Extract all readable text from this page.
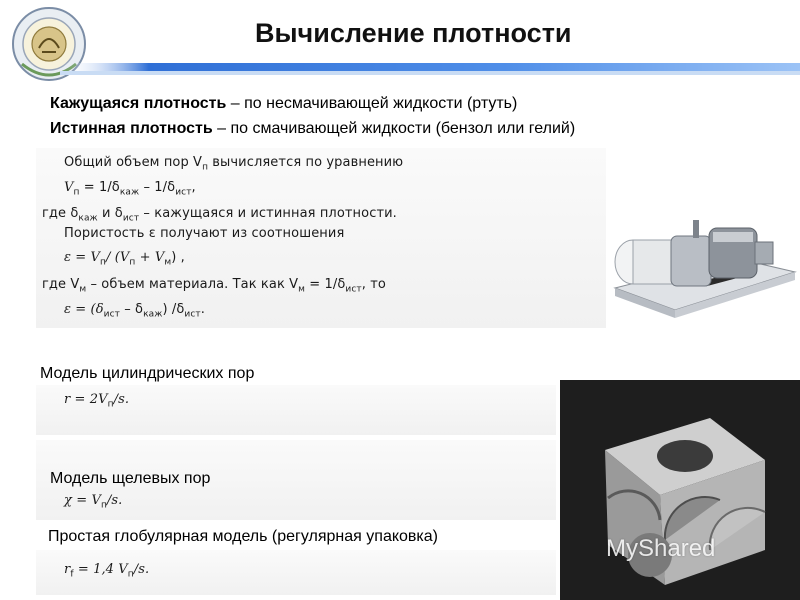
Вычисление плотности
Кажущаяся плотность – по несмачивающей жидкости (ртуть)
Истинная плотность – по смачивающей жидкости (бензол или гелий)
Общий объем пор $V_п$ вычисляется по уравнению
$V_п = 1/\delta_{каж} - 1/\delta_{ист}$,
где $\delta_{каж}$ и $\delta_{ист}$ – кажущаяся и истинная плотности.
Пористость ε получают из соотношения
$\varepsilon = V_п/$ $(V_п + V_м)$ ,
где $V_м$ – объем материала. Так как $V_м = 1/\delta_{ист}$, то
$\varepsilon = (\delta_{ист} - \delta_{каж})$ $/\delta_{ист}$.
Модель цилиндрических пор
$r = 2V_п/s$.
Модель щелевых пор
$\chi = V_п/s$.
Простая глобулярная модель (регулярная упаковка)
$r_f = 1,4$ $V_п/s$.
MyShared
